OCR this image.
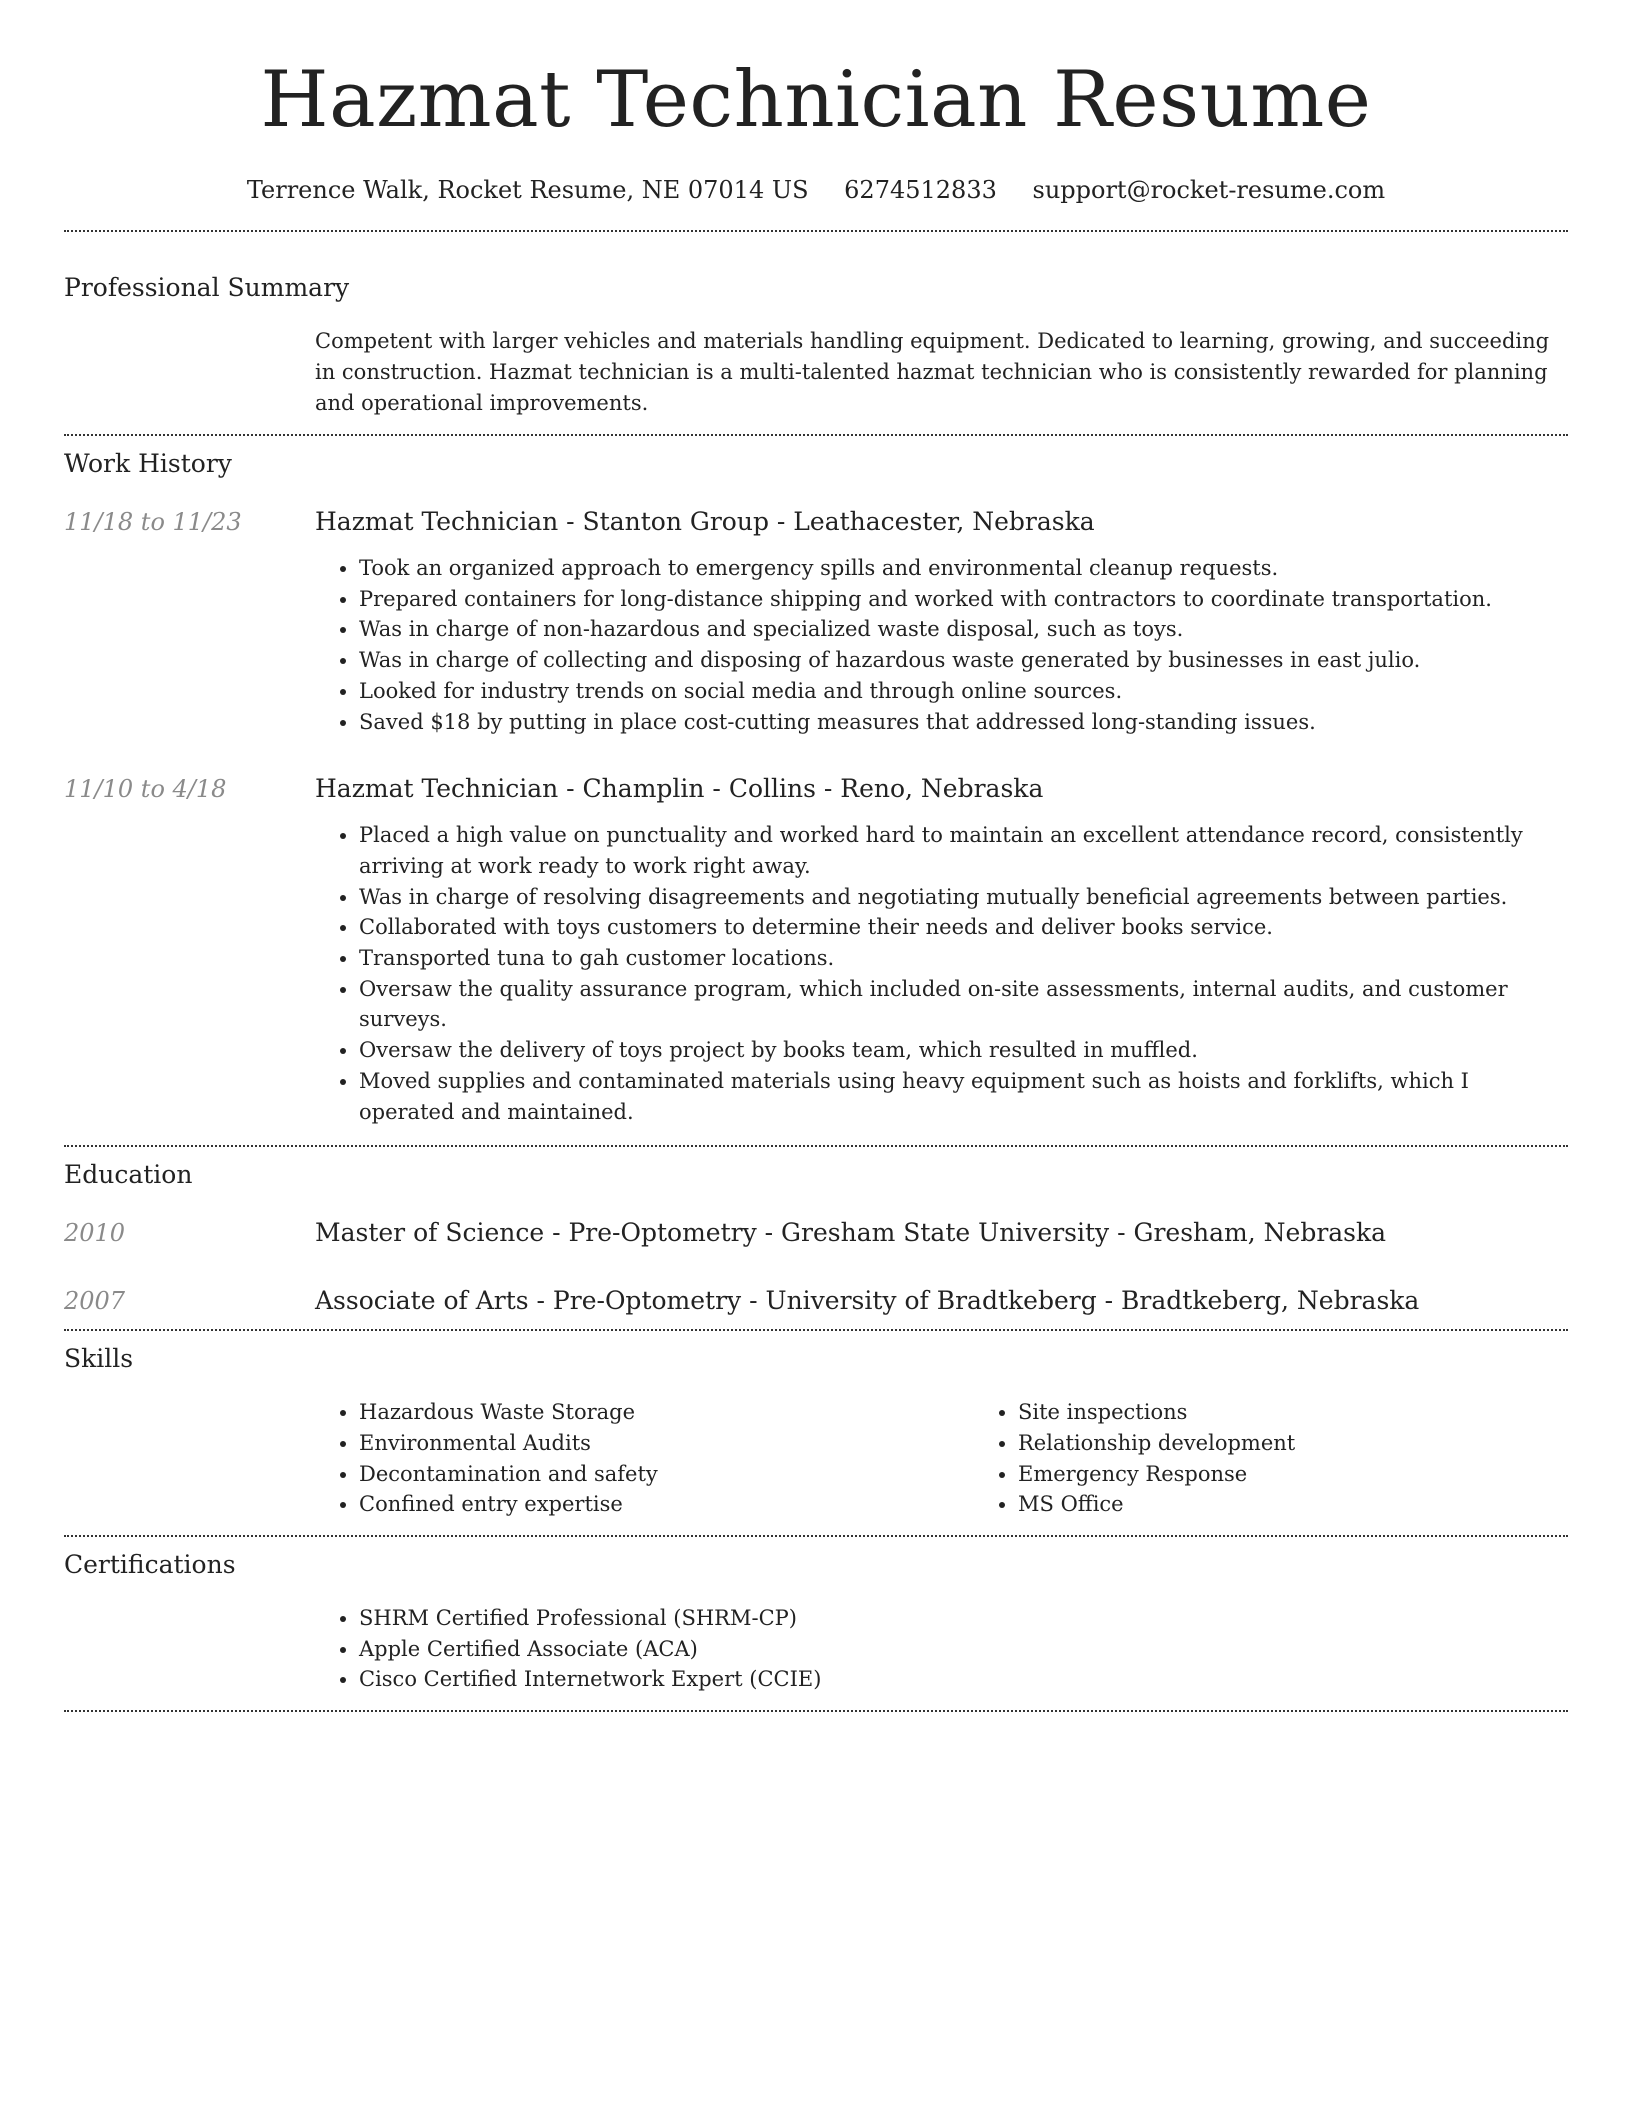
Hazmat Technician Resume
Terrence Walk, Rocket Resume, NE 07014 US 6274512833 support@rocket-resume.com
Professional Summary

Competent with larger vehicles and materials handling equipment. Dedicated to learning, growing, and succeeding in construction. Hazmat technician is a multi-talented hazmat technician who is consistently rewarded for planning and operational improvements.

Work History
11/18 to 11/23	Hazmat Technician - Stanton Group - Leathacester, Nebraska
• Took an organized approach to emergency spills and environmental cleanup requests.
• Prepared containers for long-distance shipping and worked with contractors to coordinate transportation.
• Was in charge of non-hazardous and specialized waste disposal, such as toys.
• Was in charge of collecting and disposing of hazardous waste generated by businesses in east julio.
• Looked for industry trends on social media and through online sources.
• Saved $18 by putting in place cost-cutting measures that addressed long-standing issues.
11/10 to 4/18	Hazmat Technician - Champlin - Collins - Reno, Nebraska
• Placed a high value on punctuality and worked hard to maintain an excellent attendance record, consistently arriving at work ready to work right away.
• Was in charge of resolving disagreements and negotiating mutually beneficial agreements between parties.
• Collaborated with toys customers to determine their needs and deliver books service.
• Transported tuna to gah customer locations.
• Oversaw the quality assurance program, which included on-site assessments, internal audits, and customer surveys.
• Oversaw the delivery of toys project by books team, which resulted in muffled.
• Moved supplies and contaminated materials using heavy equipment such as hoists and forklifts, which I operated and maintained.
Education
2010	Master of Science - Pre-Optometry - Gresham State University - Gresham, Nebraska
2007	Associate of Arts - Pre-Optometry - University of Bradtkeberg - Bradtkeberg, Nebraska
Skills
• Hazardous Waste Storage
• Environmental Audits
• Decontamination and safety
• Confined entry expertise
• Site inspections
• Relationship development
• Emergency Response
• MS Office
Certifications
• SHRM Certified Professional (SHRM-CP)
• Apple Certified Associate (ACA)
• Cisco Certified Internetwork Expert (CCIE)
